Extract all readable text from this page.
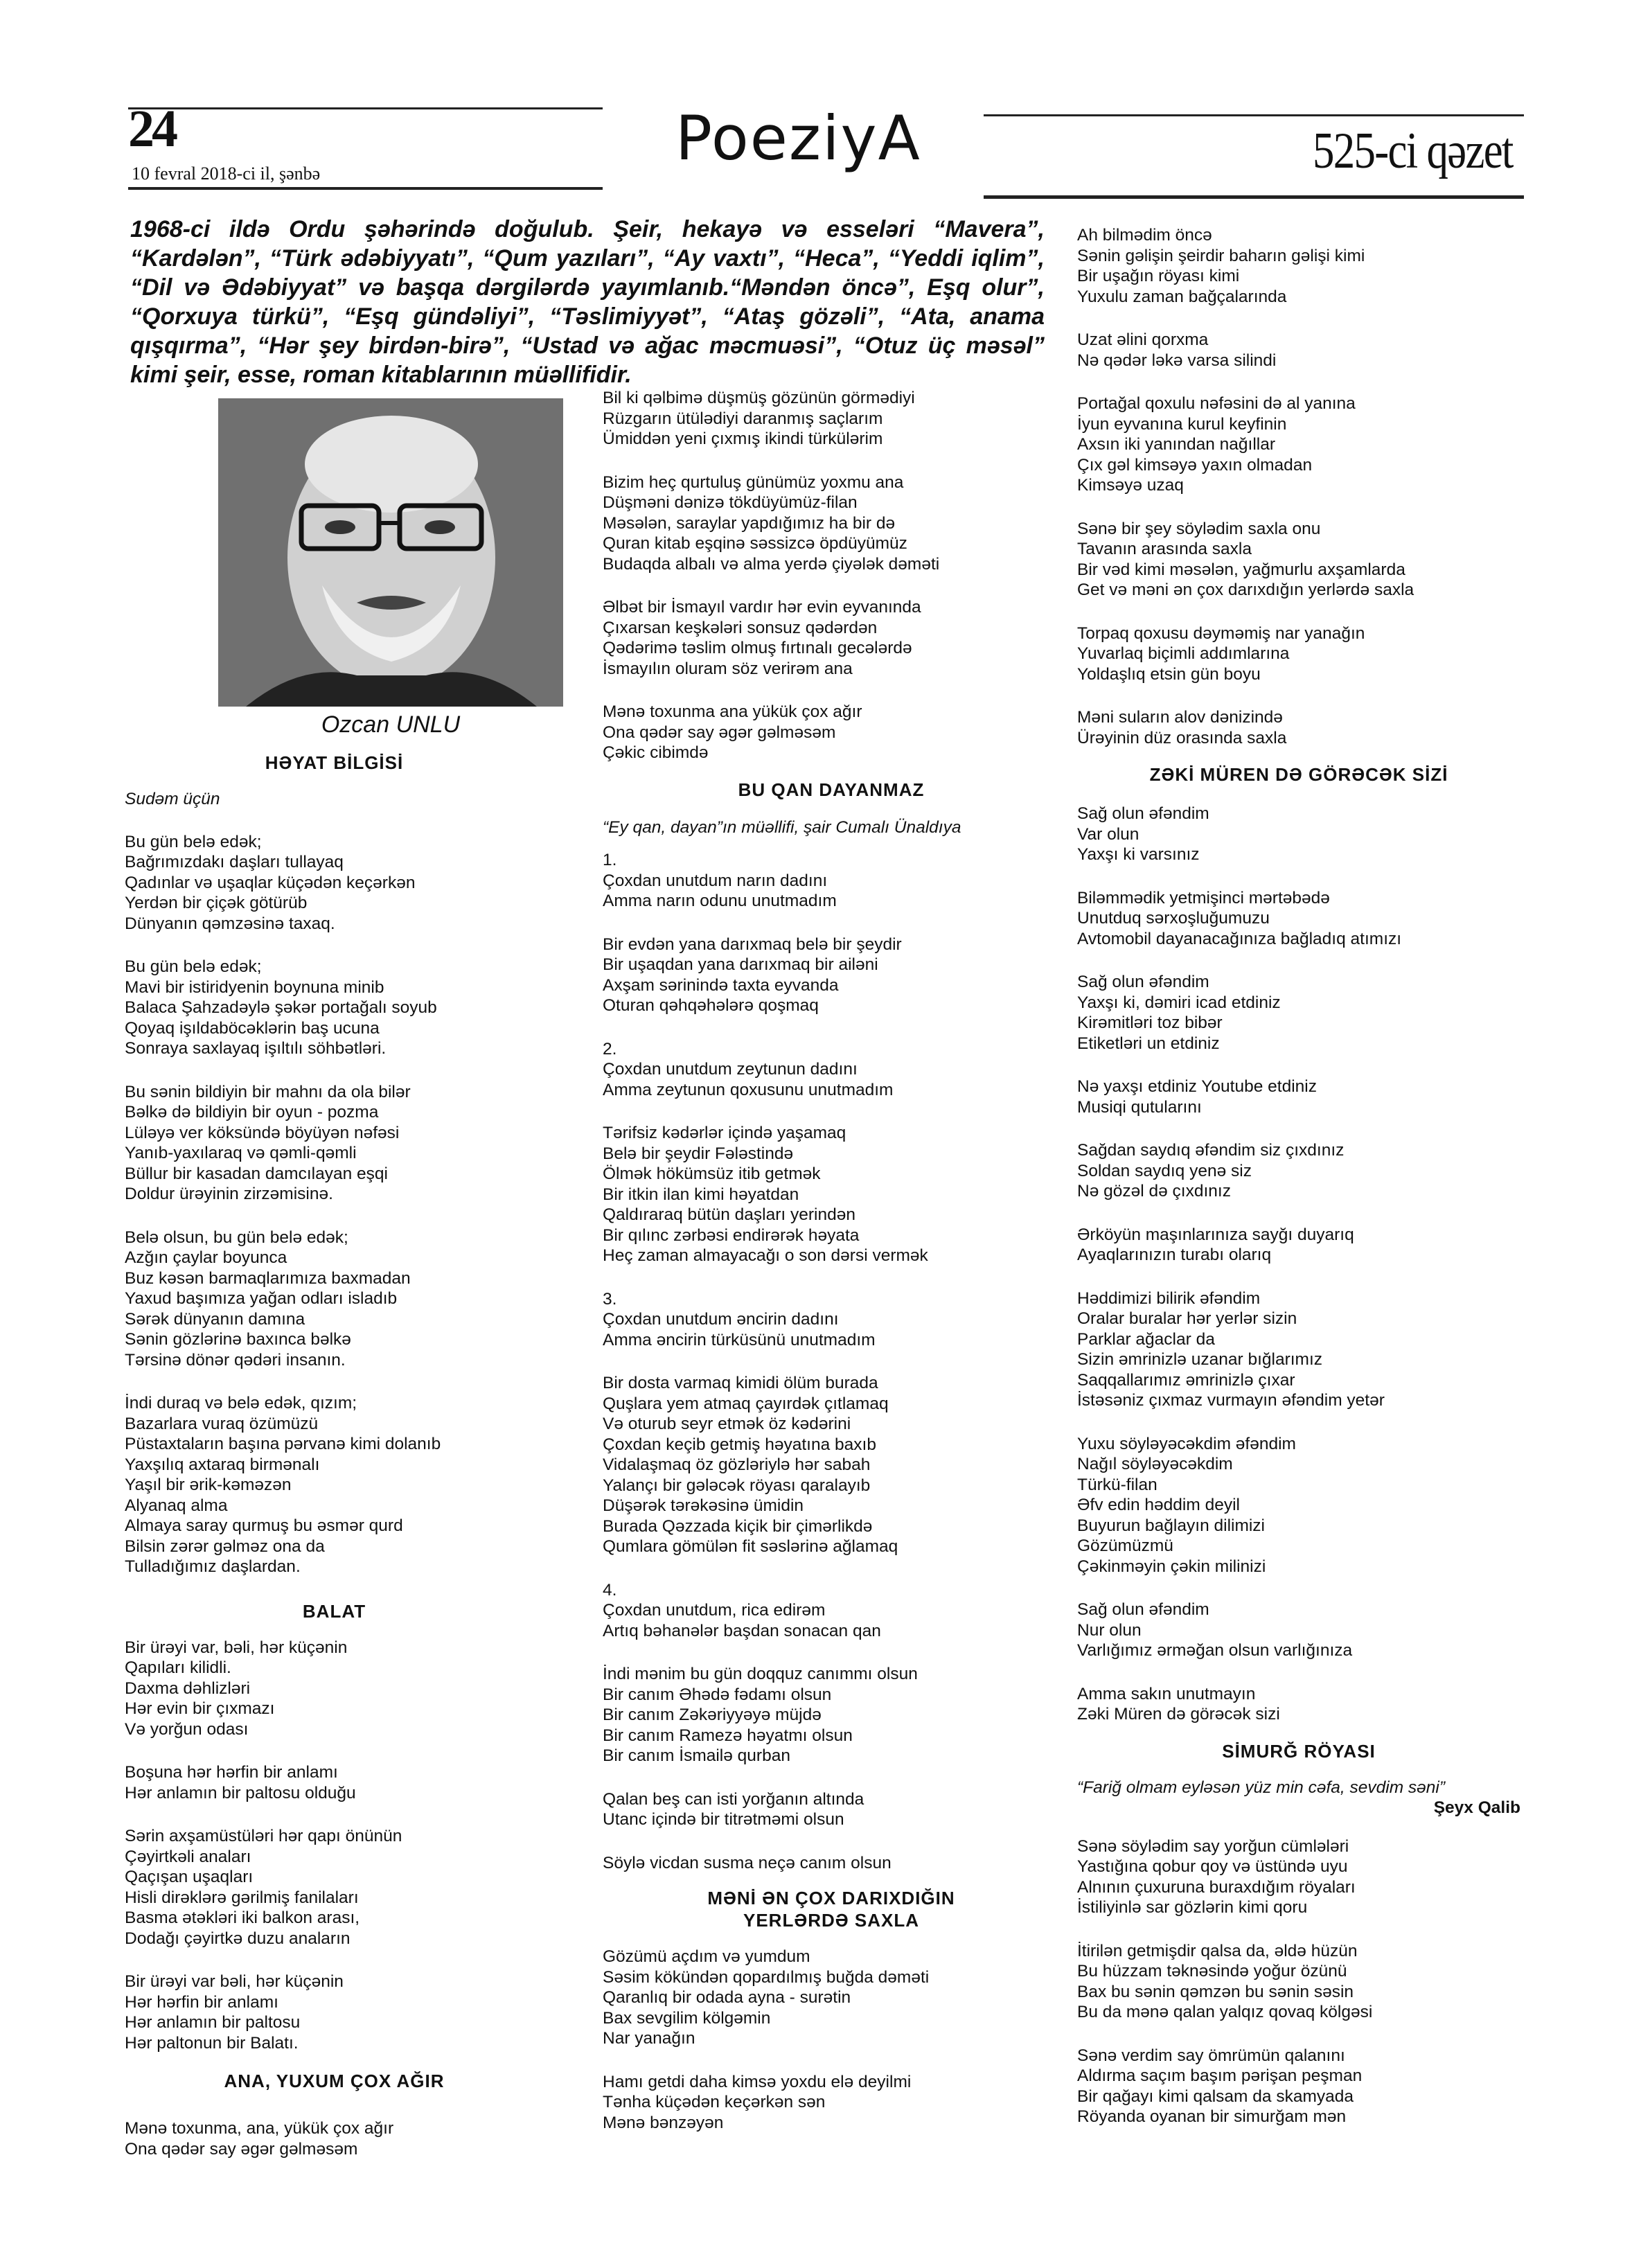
24
10 fevral 2018-ci il, şənbə	PoeziyA	525-ci qəzet
1968-ci ildə Ordu şəhərində doğulub. Şeir, hekayə və esseləri “Mavera”, “Kardələn”, “Türk ədəbiyyatı”, “Qum yazıları”, “Ay vaxtı”, “Heca”, “Yeddi iqlim”, “Dil və Ədəbiyyat” və başqa dərgilərdə yayımlanıb.“Məndən öncə”, Eşq olur”, “Qorxuya türkü”, “Eşq gündəliyi”, “Təslimiyyət”, “Ataş gözəli”, “Ata, anama qışqırma”, “Hər şey birdən-birə”, “Ustad və ağac məcmuəsi”, “Otuz üç məsəl” kimi şeir, esse, roman kitablarının müəllifidir.
Ozcan UNLU
HƏYAT BİLGİSİ
Sudəm üçün
Bu gün belə edək;
Bağrımızdakı daşları tullayaq
Qadınlar və uşaqlar küçədən keçərkən
Yerdən bir çiçək götürüb
Dünyanın qəmzəsinə taxaq.
Bu gün belə edək;
Mavi bir istiridyenin boynuna minib
Balaca Şahzadəylə şəkər portağalı soyub
Qoyaq işıldaböcəklərin baş ucuna
Sonraya saxlayaq işıltılı söhbətləri.
Bu sənin bildiyin bir mahnı da ola bilər
Bəlkə də bildiyin bir oyun - pozma
Lüləyə ver köksündə böyüyən nəfəsi
Yanıb-yaxılaraq və qəmli-qəmli
Büllur bir kasadan damcılayan eşqi
Doldur ürəyinin zirzəmisinə.
Belə olsun, bu gün belə edək;
Azğın çaylar boyunca
Buz kəsən barmaqlarımıza baxmadan
Yaxud başımıza yağan odları isladıb
Sərək dünyanın damına
Sənin gözlərinə baxınca bəlkə
Tərsinə dönər qədəri insanın.
İndi duraq və belə edək, qızım;
Bazarlara vuraq özümüzü
Püstaxtaların başına pərvanə kimi dolanıb
Yaxşılıq axtaraq birmənalı
Yaşıl bir ərik-kəməzən
Alyanaq alma
Almaya saray qurmuş bu əsmər qurd
Bilsin zərər gəlməz ona da
Tulladığımız daşlardan.
BALAT
Bir ürəyi var, bəli, hər küçənin
Qapıları kilidli.
Daxma dəhlizləri
Hər evin bir çıxmazı
Və yorğun odası
Boşuna hər hərfin bir anlamı
Hər anlamın bir paltosu olduğu
Sərin axşamüstüləri hər qapı önünün
Çəyirtkəli anaları
Qaçışan uşaqları
Hisli dirəklərə gərilmiş fanilaları
Basma ətəkləri iki balkon arası,
Dodağı çəyirtkə duzu anaların
Bir ürəyi var bəli, hər küçənin
Hər hərfin bir anlamı
Hər anlamın bir paltosu
Hər paltonun bir Balatı.
ANA, YUXUM ÇOX AĞIR
Mənə toxunma, ana, yükük çox ağır
Ona qədər say əgər gəlməsəm
Bil ki qəlbimə düşmüş gözünün görmədiyi
Rüzgarın ütülədiyi daranmış saçlarım
Ümiddən yeni çıxmış ikindi türkülərim
Bizim heç qurtuluş günümüz yoxmu ana
Düşməni dənizə tökdüyümüz-filan
Məsələn, saraylar yapdığımız ha bir də
Quran kitab eşqinə səssizcə öpdüyümüz
Budaqda albalı və alma yerdə çiyələk dəməti
Əlbət bir İsmayıl vardır hər evin eyvanında
Çıxarsan keşkələri sonsuz qədərdən
Qədərimə təslim olmuş fırtınalı gecələrdə
İsmayılın oluram söz verirəm ana
Mənə toxunma ana yükük çox ağır
Ona qədər say əgər gəlməsəm
Çəkic cibimdə
BU QAN DAYANMAZ
“Ey qan, dayan”ın müəllifi, şair Cumalı Ünaldıya
1.
Çoxdan unutdum narın dadını
Amma narın odunu unutmadım
Bir evdən yana darıxmaq belə bir şeydir
Bir uşaqdan yana darıxmaq bir ailəni
Axşam sərinində taxta eyvanda
Oturan qəhqəhələrə qoşmaq
2.
Çoxdan unutdum zeytunun dadını
Amma zeytunun qoxusunu unutmadım
Tərifsiz kədərlər içində yaşamaq
Belə bir şeydir Fələstində
Ölmək hökümsüz itib getmək
Bir itkin ilan kimi həyatdan
Qaldıraraq bütün daşları yerindən
Bir qılınc zərbəsi endirərək həyata
Heç zaman almayacağı o son dərsi vermək
3.
Çoxdan unutdum əncirin dadını
Amma əncirin türküsünü unutmadım
Bir dosta varmaq kimidi ölüm burada
Quşlara yem atmaq çayırdək çıtlamaq
Və oturub seyr etmək öz kədərini
Çoxdan keçib getmiş həyatına baxıb
Vidalaşmaq öz gözləriylə hər sabah
Yalançı bir gələcək röyası qaralayıb
Düşərək tərəkəsinə ümidin
Burada Qəzzada kiçik bir çimərlikdə
Qumlara gömülən fit səslərinə ağlamaq
4.
Çoxdan unutdum, rica edirəm
Artıq bəhanələr başdan sonacan qan
İndi mənim bu gün doqquz canımmı olsun
Bir canım Əhədə fədamı olsun
Bir canım Zəkəriyyəyə müjdə
Bir canım Ramezə həyatmı olsun
Bir canım İsmailə qurban
Qalan beş can isti yorğanın altında
Utanc içində bir titrətməmi olsun
Söylə vicdan susma neçə canım olsun
MƏNİ ƏN ÇOX DARIXDIĞIN
YERLƏRDƏ SAXLA
Gözümü açdım və yumdum
Səsim kökündən qopardılmış buğda dəməti
Qaranlıq bir odada ayna - surətin
Bax sevgilim kölgəmin
Nar yanağın
Hamı getdi daha kimsə yoxdu elə deyilmi
Tənha küçədən keçərkən sən
Mənə bənzəyən
Ah bilmədim öncə
Sənin gəlişin şeirdir baharın gəlişi kimi
Bir uşağın röyası kimi
Yuxulu zaman bağçalarında
Uzat əlini qorxma
Nə qədər ləkə varsa silindi
Portağal qoxulu nəfəsini də al yanına
İyun eyvanına kurul keyfinin
Axsın iki yanından nağıllar
Çıx gəl kimsəyə yaxın olmadan
Kimsəyə uzaq
Sənə bir şey söylədim saxla onu
Tavanın arasında saxla
Bir vəd kimi məsələn, yağmurlu axşamlarda
Get və məni ən çox darıxdığın yerlərdə saxla
Torpaq qoxusu dəyməmiş nar yanağın
Yuvarlaq biçimli addımlarına
Yoldaşlıq etsin gün boyu
Məni suların alov dənizində
Ürəyinin düz orasında saxla
ZƏKİ MÜREN DƏ GÖRƏCƏK SİZİ
Sağ olun əfəndim
Var olun
Yaxşı ki varsınız
Biləmmədik yetmişinci mərtəbədə
Unutduq sərxoşluğumuzu
Avtomobil dayanacağınıza bağladıq atımızı
Sağ olun əfəndim
Yaxşı ki, dəmiri icad etdiniz
Kirəmitləri toz bibər
Etiketləri un etdiniz
Nə yaxşı etdiniz Youtube etdiniz
Musiqi qutularını
Sağdan saydıq əfəndim siz çıxdınız
Soldan saydıq yenə siz
Nə gözəl də çıxdınız
Ərköyün maşınlarınıza sayğı duyarıq
Ayaqlarınızın turabı olarıq
Həddimizi bilirik əfəndim
Oralar buralar hər yerlər sizin
Parklar ağaclar da
Sizin əmrinizlə uzanar bığlarımız
Saqqallarımız əmrinizlə çıxar
İstəsəniz çıxmaz vurmayın əfəndim yetər
Yuxu söyləyəcəkdim əfəndim
Nağıl söyləyəcəkdim
Türkü-filan
Əfv edin həddim deyil
Buyurun bağlayın dilimizi
Gözümüzmü
Çəkinməyin çəkin milinizi
Sağ olun əfəndim
Nur olun
Varlığımız ərməğan olsun varlığınıza
Amma sakın unutmayın
Zəki Müren də görəcək sizi
SİMURĞ RÖYASI
“Fariğ olmam eyləsən yüz min cəfa, sevdim səni”
Şeyx Qalib
Sənə söylədim say yorğun cümlələri
Yastığına qobur qoy və üstündə uyu
Alnının çuxuruna buraxdığım röyaları
İstiliyinlə sar gözlərin kimi qoru
İtirilən getmişdir qalsa da, əldə hüzün
Bu hüzzam təknəsində yoğur özünü
Bax bu sənin qəmzən bu sənin səsin
Bu da mənə qalan yalqız qovaq kölgəsi
Sənə verdim say ömrümün qalanını
Aldırma saçım başım pərişan peşman
Bir qağayı kimi qalsam da skamyada
Röyanda oyanan bir simurğam mən
